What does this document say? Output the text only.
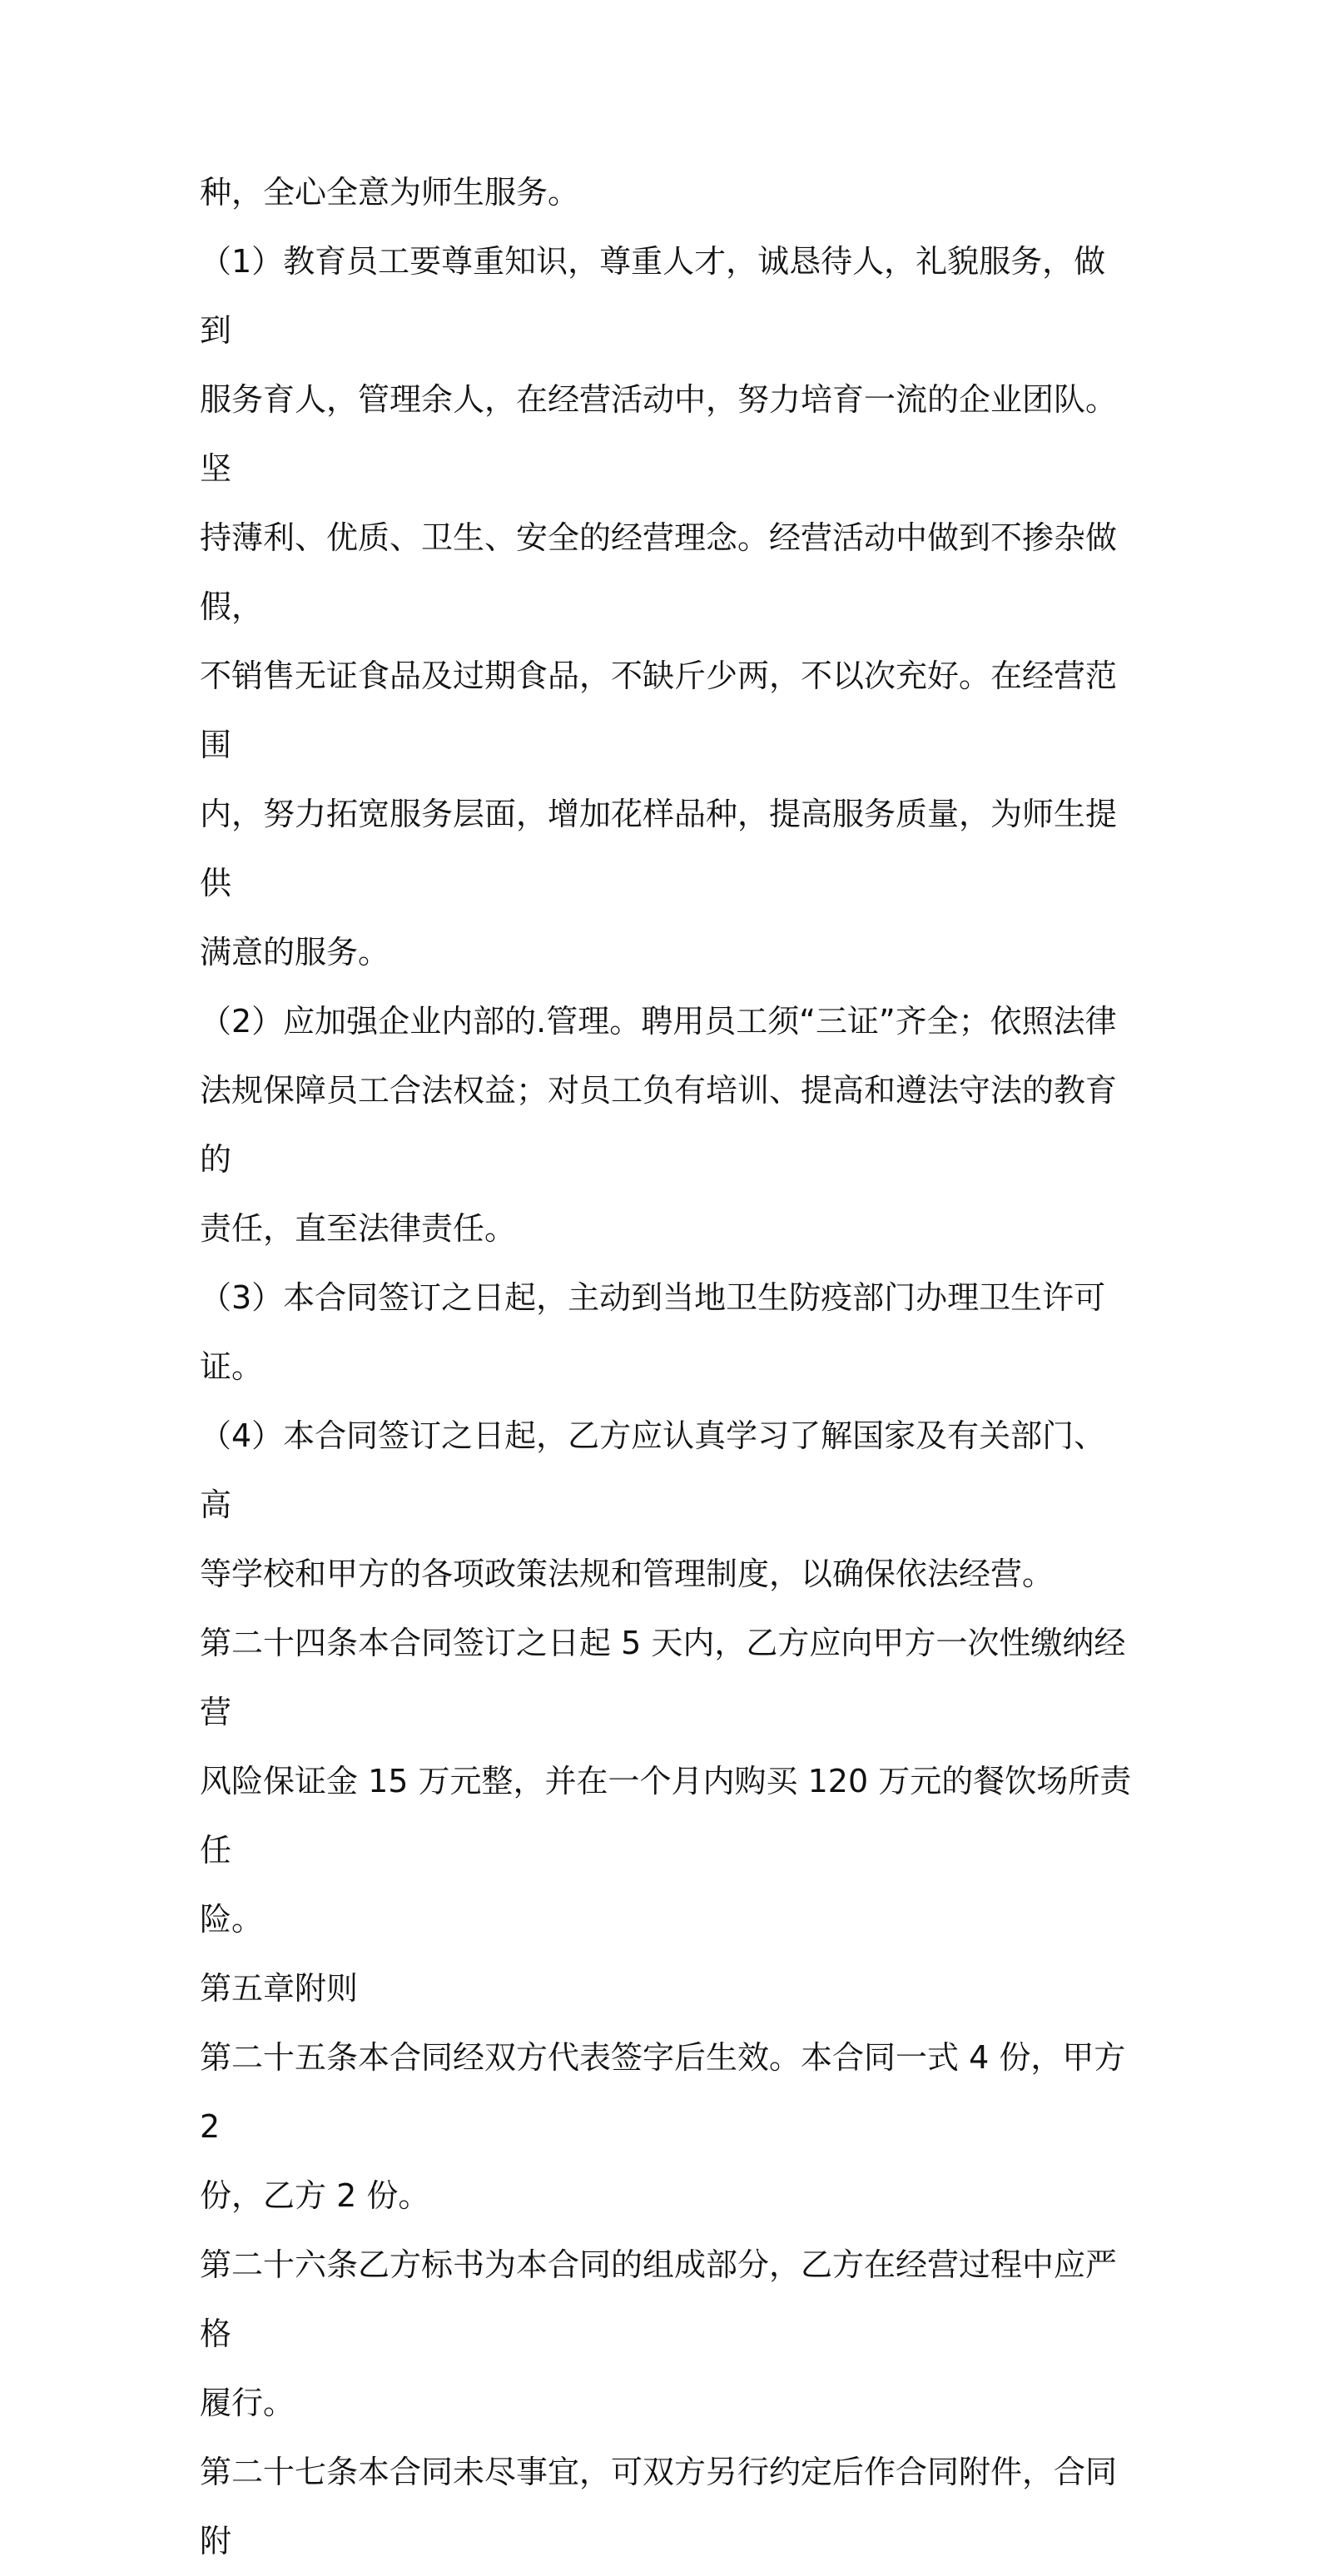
种，全心全意为师生服务。

（1）教育员工要尊重知识，尊重人才，诚恳待人，礼貌服务，做到

服务育人，管理余人，在经营活动中，努力培育一流的企业团队。坚

持薄利、优质、卫生、安全的经营理念。经营活动中做到不掺杂做假，

不销售无证食品及过期食品，不缺斤少两，不以次充好。在经营范围

内，努力拓宽服务层面，增加花样品种，提高服务质量，为师生提供

满意的服务。

（2）应加强企业内部的.管理。聘用员工须“三证”齐全；依照法律

法规保障员工合法权益；对员工负有培训、提高和遵法守法的教育的

责任，直至法律责任。

（3）本合同签订之日起，主动到当地卫生防疫部门办理卫生许可证。

（4）本合同签订之日起，乙方应认真学习了解国家及有关部门、高

等学校和甲方的各项政策法规和管理制度，以确保依法经营。

第二十四条本合同签订之日起 5 天内，乙方应向甲方一次性缴纳经营

风险保证金 15 万元整，并在一个月内购买 120 万元的餐饮场所责任

险。

第五章附则

第二十五条本合同经双方代表签字后生效。本合同一式 4 份，甲方 2

份，乙方 2 份。

第二十六条乙方标书为本合同的组成部分，乙方在经营过程中应严格

履行。

第二十七条本合同未尽事宜，可双方另行约定后作合同附件，合同附
